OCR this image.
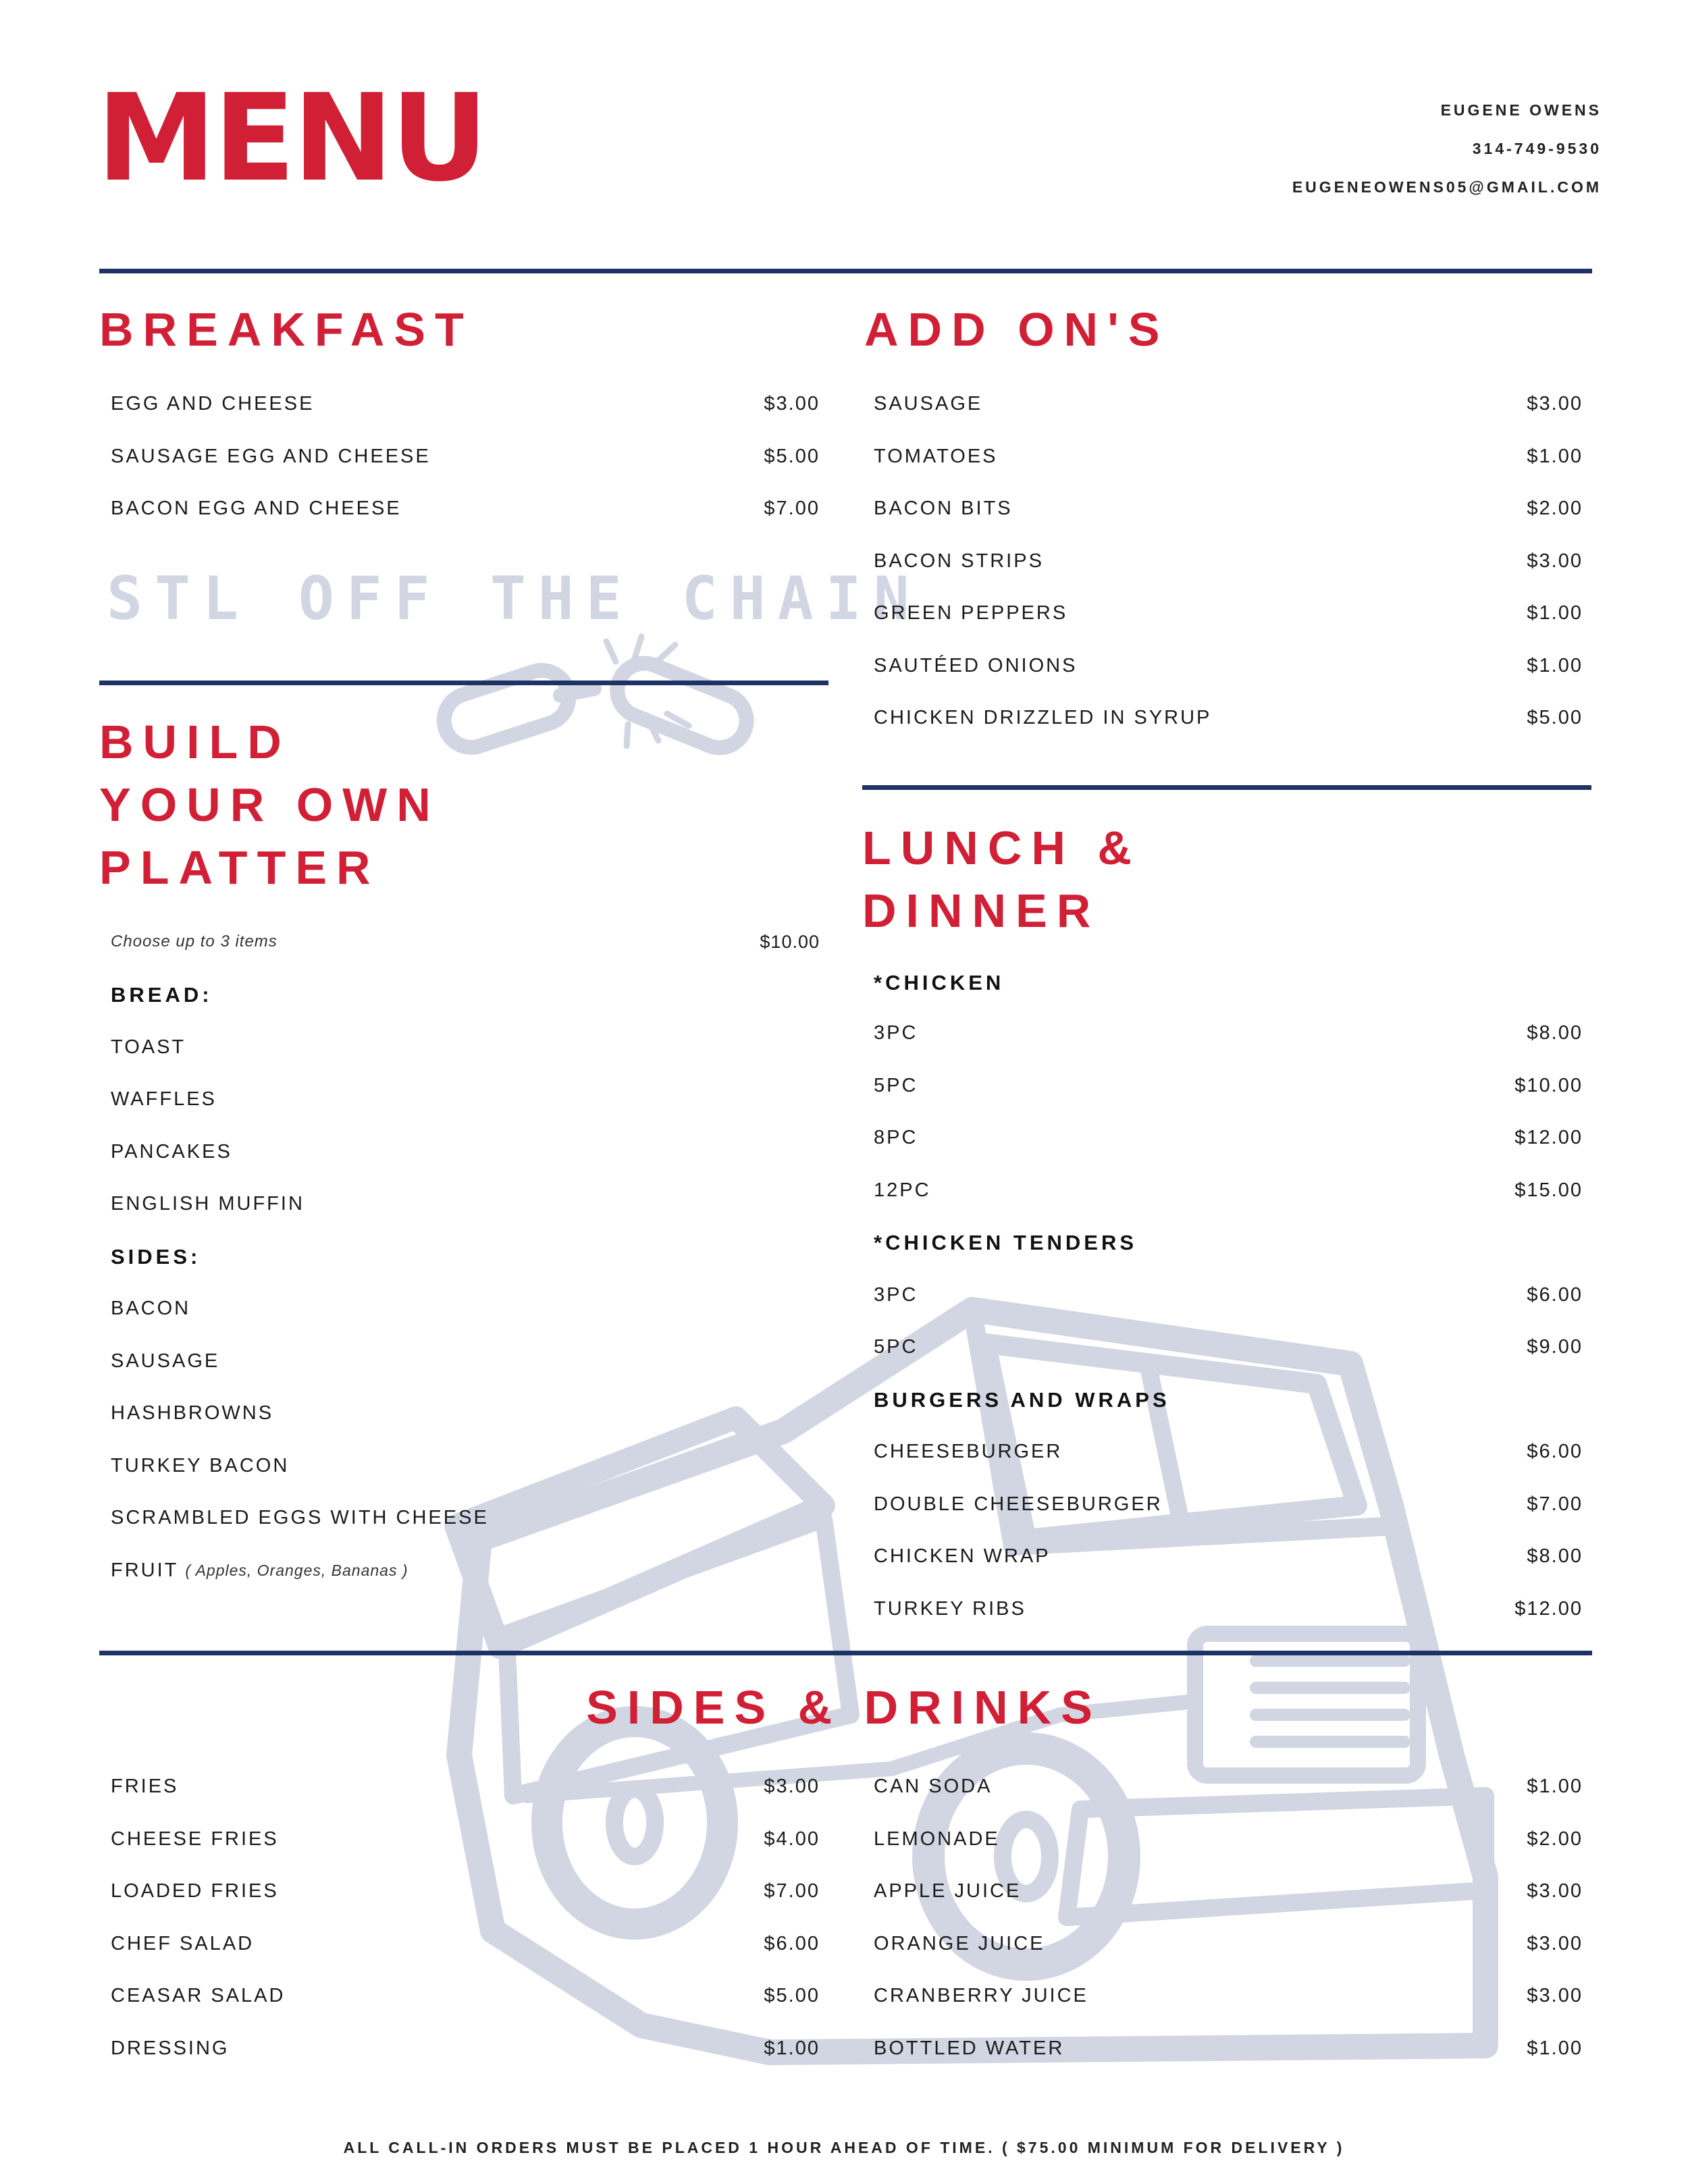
STL OFF THE CHAIN
MENU	EUGENE OWENS
314-749-9530
EUGENEOWENS05@GMAIL.COM
BREAKFAST
EGG AND CHEESE	$3.00
SAUSAGE EGG AND CHEESE	$5.00
BACON EGG AND CHEESE	$7.00
ADD ON'S
SAUSAGE	$3.00
TOMATOES	$1.00
BACON BITS	$2.00
BACON STRIPS	$3.00
GREEN PEPPERS	$1.00
SAUTÉED ONIONS	$1.00
CHICKEN DRIZZLED IN SYRUP	$5.00
BUILD
YOUR OWN
PLATTER
Choose up to 3 items	$10.00
BREAD:
TOAST
WAFFLES
PANCAKES
ENGLISH MUFFIN
SIDES:
BACON
SAUSAGE
HASHBROWNS
TURKEY BACON
SCRAMBLED EGGS WITH CHEESE
FRUIT ( Apples, Oranges, Bananas )
LUNCH &
DINNER
*CHICKEN
3PC	$8.00
5PC	$10.00
8PC	$12.00
12PC	$15.00
*CHICKEN TENDERS
3PC	$6.00
5PC	$9.00
BURGERS AND WRAPS
CHEESEBURGER	$6.00
DOUBLE CHEESEBURGER	$7.00
CHICKEN WRAP	$8.00
TURKEY RIBS	$12.00
SIDES & DRINKS
FRIES	$3.00
CHEESE FRIES	$4.00
LOADED FRIES	$7.00
CHEF SALAD	$6.00
CEASAR SALAD	$5.00
DRESSING	$1.00
CAN SODA	$1.00
LEMONADE	$2.00
APPLE JUICE	$3.00
ORANGE JUICE	$3.00
CRANBERRY JUICE	$3.00
BOTTLED WATER	$1.00
ALL CALL-IN ORDERS MUST BE PLACED 1 HOUR AHEAD OF TIME. ( $75.00 MINIMUM FOR DELIVERY )
